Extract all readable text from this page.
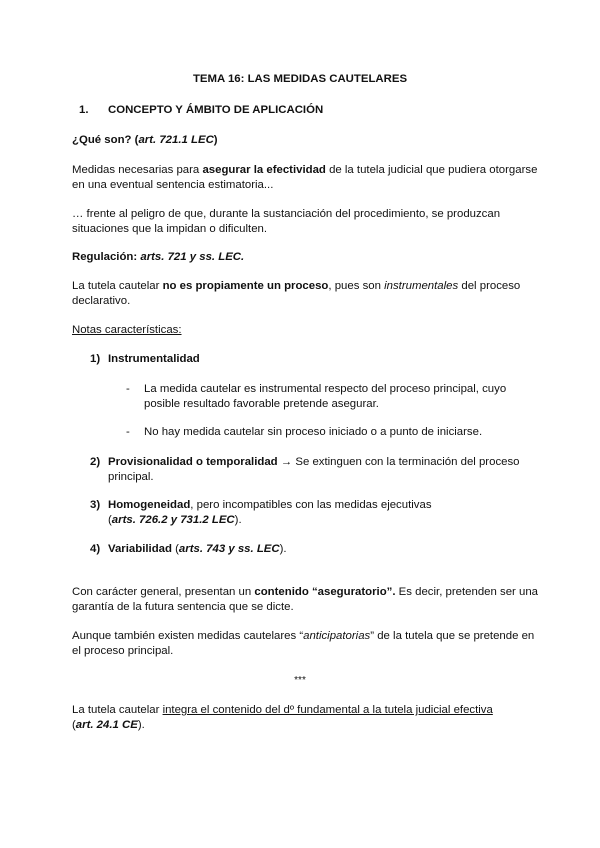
TEMA 16: LAS MEDIDAS CAUTELARES
1. CONCEPTO Y ÁMBITO DE APLICACIÓN
¿Qué son? (art. 721.1 LEC)
Medidas necesarias para asegurar la efectividad de la tutela judicial que pudiera otorgarse
en una eventual sentencia estimatoria...
… frente al peligro de que, durante la sustanciación del procedimiento, se produzcan
situaciones que la impidan o dificulten.
Regulación: arts. 721 y ss. LEC.
La tutela cautelar no es propiamente un proceso, pues son instrumentales del proceso
declarativo.
Notas características:
1) Instrumentalidad
- La medida cautelar es instrumental respecto del proceso principal, cuyo
posible resultado favorable pretende asegurar.
- No hay medida cautelar sin proceso iniciado o a punto de iniciarse.
2) Provisionalidad o temporalidad → Se extinguen con la terminación del proceso
principal.
3) Homogeneidad, pero incompatibles con las medidas ejecutivas
(arts. 726.2 y 731.2 LEC).
4) Variabilidad (arts. 743 y ss. LEC).
Con carácter general, presentan un contenido “aseguratorio”. Es decir, pretenden ser una
garantía de la futura sentencia que se dicte.
Aunque también existen medidas cautelares “anticipatorias” de la tutela que se pretende en
el proceso principal.
***
La tutela cautelar integra el contenido del dº fundamental a la tutela judicial efectiva
(art. 24.1 CE).
